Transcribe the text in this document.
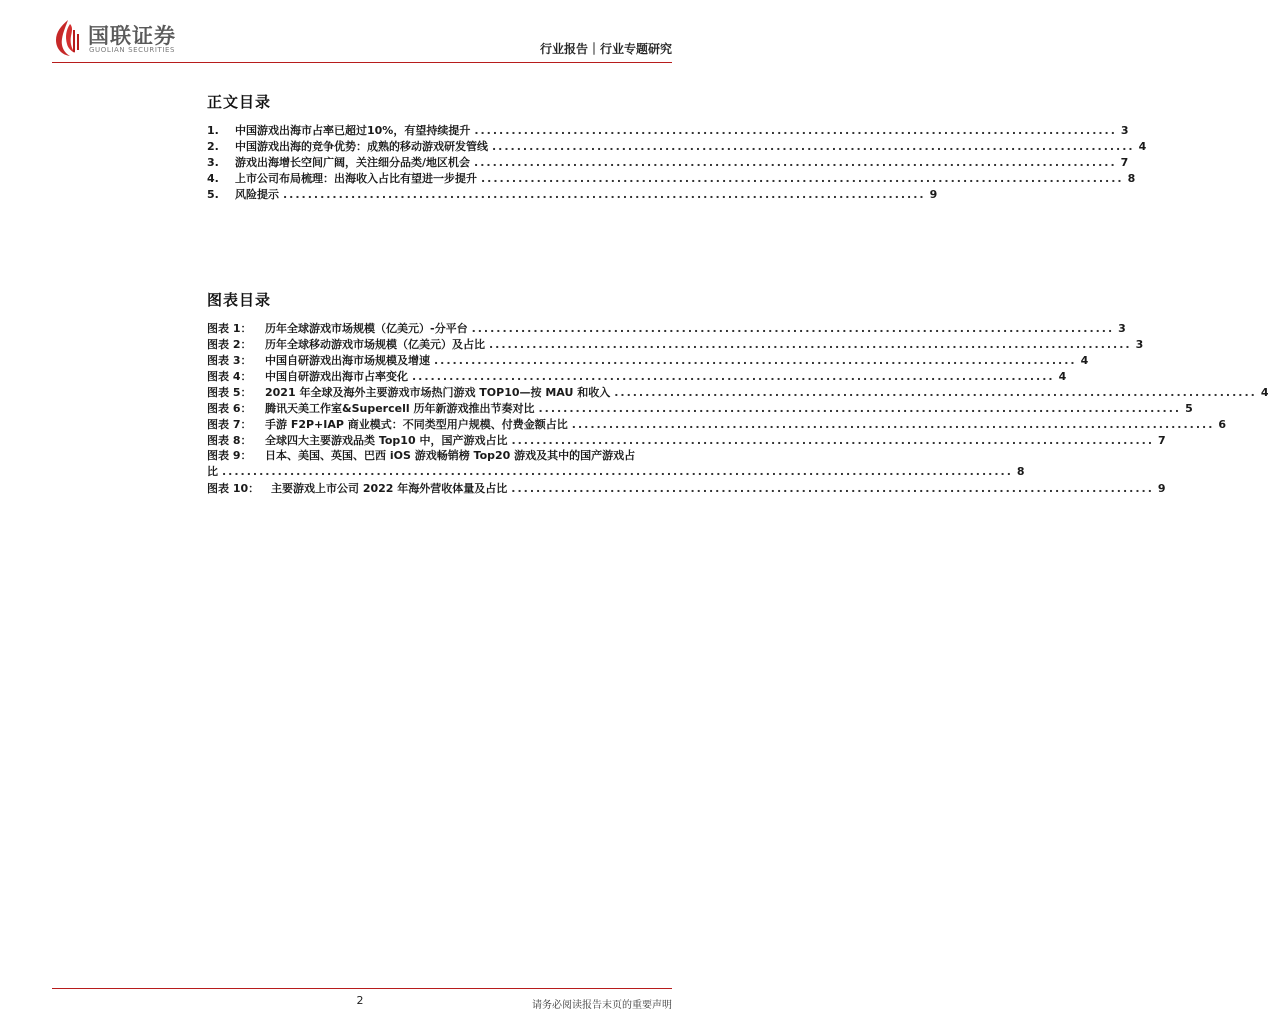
国联证券
GUOLIAN SECURITIES	行业报告｜行业专题研究
正文目录
1.	中国游戏出海市占率已超过10%，有望持续提升 ........................................................................................................ 3
2.	中国游戏出海的竞争优势：成熟的移动游戏研发管线 ........................................................................................................ 4
3.	游戏出海增长空间广阔，关注细分品类/地区机会 ........................................................................................................ 7
4.	上市公司布局梳理：出海收入占比有望进一步提升 ........................................................................................................ 8
5.	风险提示 ........................................................................................................ 9
图表目录
图表 1：	历年全球游戏市场规模（亿美元）-分平台 ........................................................................................................ 3
图表 2：	历年全球移动游戏市场规模（亿美元）及占比 ........................................................................................................ 3
图表 3：	中国自研游戏出海市场规模及增速 ........................................................................................................ 4
图表 4：	中国自研游戏出海市占率变化 ........................................................................................................ 4
图表 5：	2021 年全球及海外主要游戏市场热门游戏 TOP10—按 MAU 和收入 ........................................................................................................ 4
图表 6：	腾讯天美工作室&Supercell 历年新游戏推出节奏对比 ........................................................................................................ 5
图表 7：	手游 F2P+IAP 商业模式：不同类型用户规模、付费金额占比 ........................................................................................................ 6
图表 8：	全球四大主要游戏品类 Top10 中，国产游戏占比 ........................................................................................................ 7
图表 9：	日本、美国、英国、巴西 iOS 游戏畅销榜 Top20 游戏及其中的国产游戏占
比 ................................................................................................................................ 8
图表 10：	主要游戏上市公司 2022 年海外营收体量及占比 ........................................................................................................ 9
2	请务必阅读报告末页的重要声明
